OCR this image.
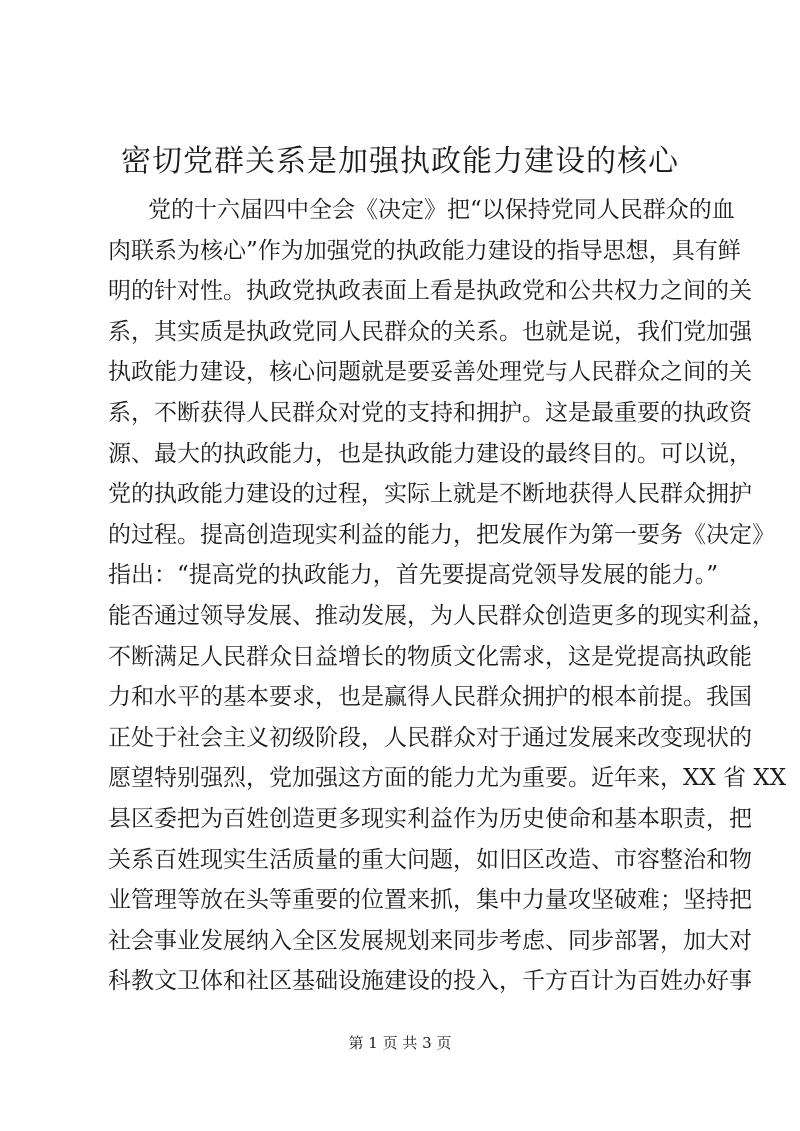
密切党群关系是加强执政能力建设的核心
党的十六届四中全会《决定》把“以保持党同人民群众的血
肉联系为核心”作为加强党的执政能力建设的指导思想，具有鲜
明的针对性。执政党执政表面上看是执政党和公共权力之间的关
系，其实质是执政党同人民群众的关系。也就是说，我们党加强
执政能力建设，核心问题就是要妥善处理党与人民群众之间的关
系，不断获得人民群众对党的支持和拥护。这是最重要的执政资
源、最大的执政能力，也是执政能力建设的最终目的。可以说，
党的执政能力建设的过程，实际上就是不断地获得人民群众拥护
的过程。提高创造现实利益的能力，把发展作为第一要务《决定》
指出：“提高党的执政能力，首先要提高党领导发展的能力。”
能否通过领导发展、推动发展，为人民群众创造更多的现实利益，
不断满足人民群众日益增长的物质文化需求，这是党提高执政能
力和水平的基本要求，也是赢得人民群众拥护的根本前提。我国
正处于社会主义初级阶段，人民群众对于通过发展来改变现状的
愿望特别强烈，党加强这方面的能力尤为重要。近年来，XX 省 XX
县区委把为百姓创造更多现实利益作为历史使命和基本职责，把
关系百姓现实生活质量的重大问题，如旧区改造、市容整治和物
业管理等放在头等重要的位置来抓，集中力量攻坚破难；坚持把
社会事业发展纳入全区发展规划来同步考虑、同步部署，加大对
科教文卫体和社区基础设施建设的投入，千方百计为百姓办好事
第 1 页 共 3 页
